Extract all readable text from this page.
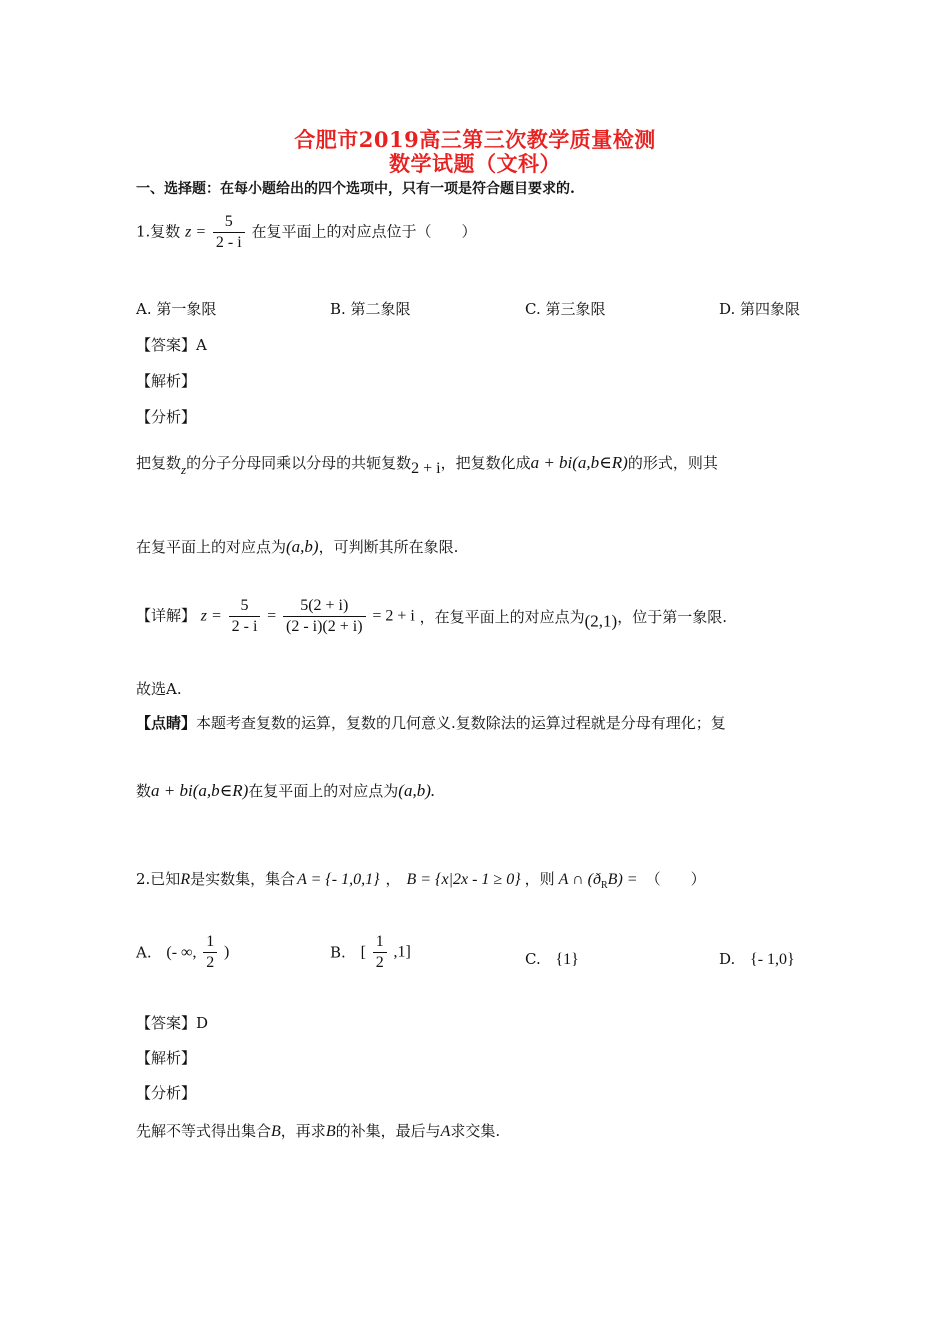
合肥市2019高三第三次教学质量检测
数学试题（文科）
一、选择题：在每小题给出的四个选项中，只有一项是符合题目要求的.
1.复数 $z = \frac{5}{2 - i}$ 在复平面上的对应点位于（　　）
A. 第一象限	B. 第二象限	C. 第三象限	D. 第四象限
【答案】A
【解析】
【分析】
把复数z的分子分母同乘以分母的共轭复数2 + i，把复数化成a + bi(a,b∈R)的形式，则其
在复平面上的对应点为(a,b)，可判断其所在象限.
【详解】 $z = \frac{5}{2 - i} = \frac{5(2 + i)}{(2 - i)(2 + i)} = 2 + i$ ，在复平面上的对应点为(2,1)，位于第一象限.
故选A.
【点睛】本题考查复数的运算，复数的几何意义.复数除法的运算过程就是分母有理化；复
数a + bi(a,b∈R)在复平面上的对应点为(a,b).
2.已知R是实数集，集合 A = {- 1,0,1} ， B = {x|2x - 1 ≥ 0} ，则 A ∩ $(ð_RB)$ = （　　）
A. (- ∞, $\frac{1}{2}$ )	B. [ $\frac{1}{2} ,1$]	C. {1}	D. {- 1,0}
【答案】D
【解析】
【分析】
先解不等式得出集合B，再求B的补集，最后与A求交集.
